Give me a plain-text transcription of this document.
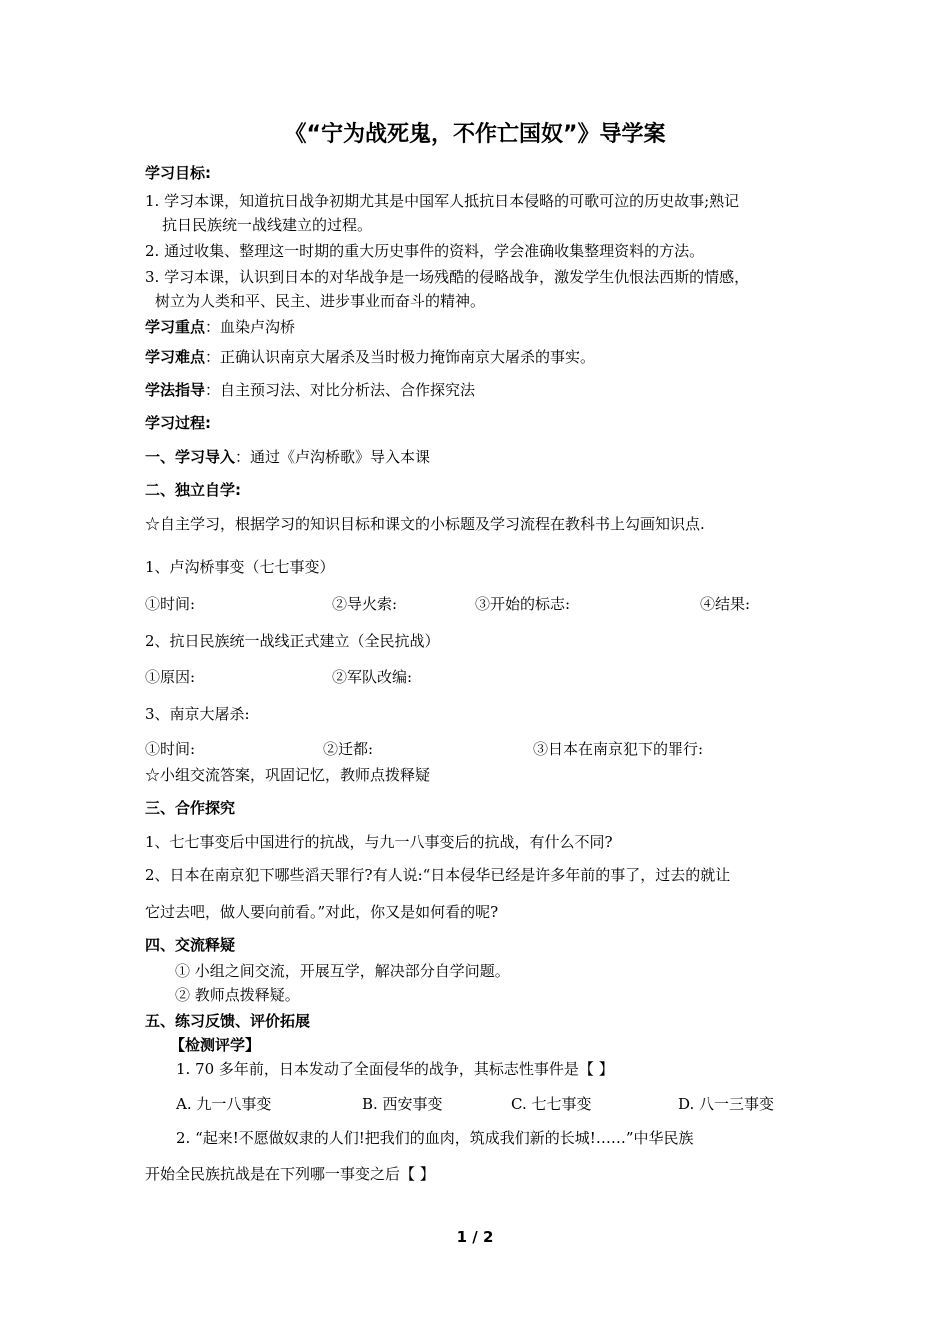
《“宁为战死鬼，不作亡国奴”》导学案
学习目标:
1. 学习本课，知道抗日战争初期尤其是中国军人抵抗日本侵略的可歌可泣的历史故事;熟记
抗日民族统一战线建立的过程。
2. 通过收集、整理这一时期的重大历史事件的资料，学会准确收集整理资料的方法。
3. 学习本课，认识到日本的对华战争是一场残酷的侵略战争，激发学生仇恨法西斯的情感，
树立为人类和平、民主、进步事业而奋斗的精神。
学习重点：血染卢沟桥
学习难点：正确认识南京大屠杀及当时极力掩饰南京大屠杀的事实。
学法指导：自主预习法、对比分析法、合作探究法
学习过程:
一、学习导入：通过《卢沟桥歌》导入本课
二、独立自学:
☆自主学习，根据学习的知识目标和课文的小标题及学习流程在教科书上勾画知识点.
1、卢沟桥事变（七七事变）
①时间:	②导火索:	③开始的标志:	④结果:
2、抗日民族统一战线正式建立（全民抗战）
①原因:	②军队改编:
3、南京大屠杀:
①时间:	②迁都:	③日本在南京犯下的罪行:
☆小组交流答案，巩固记忆，教师点拨释疑
三、合作探究
1、七七事变后中国进行的抗战，与九一八事变后的抗战，有什么不同?
2、日本在南京犯下哪些滔天罪行?有人说:“日本侵华已经是许多年前的事了，过去的就让
它过去吧，做人要向前看。”对此，你又是如何看的呢?
四、交流释疑
① 小组之间交流，开展互学，解决部分自学问题。
② 教师点拨释疑。
五、练习反馈、评价拓展
【检测评学】
1. 70 多年前，日本发动了全面侵华的战争，其标志性事件是【 】
A. 九一八事变	B. 西安事变	C. 七七事变	D. 八一三事变
2. “起来!不愿做奴隶的人们!把我们的血肉，筑成我们新的长城!……”中华民族
开始全民族抗战是在下列哪一事变之后【 】
1 / 2
